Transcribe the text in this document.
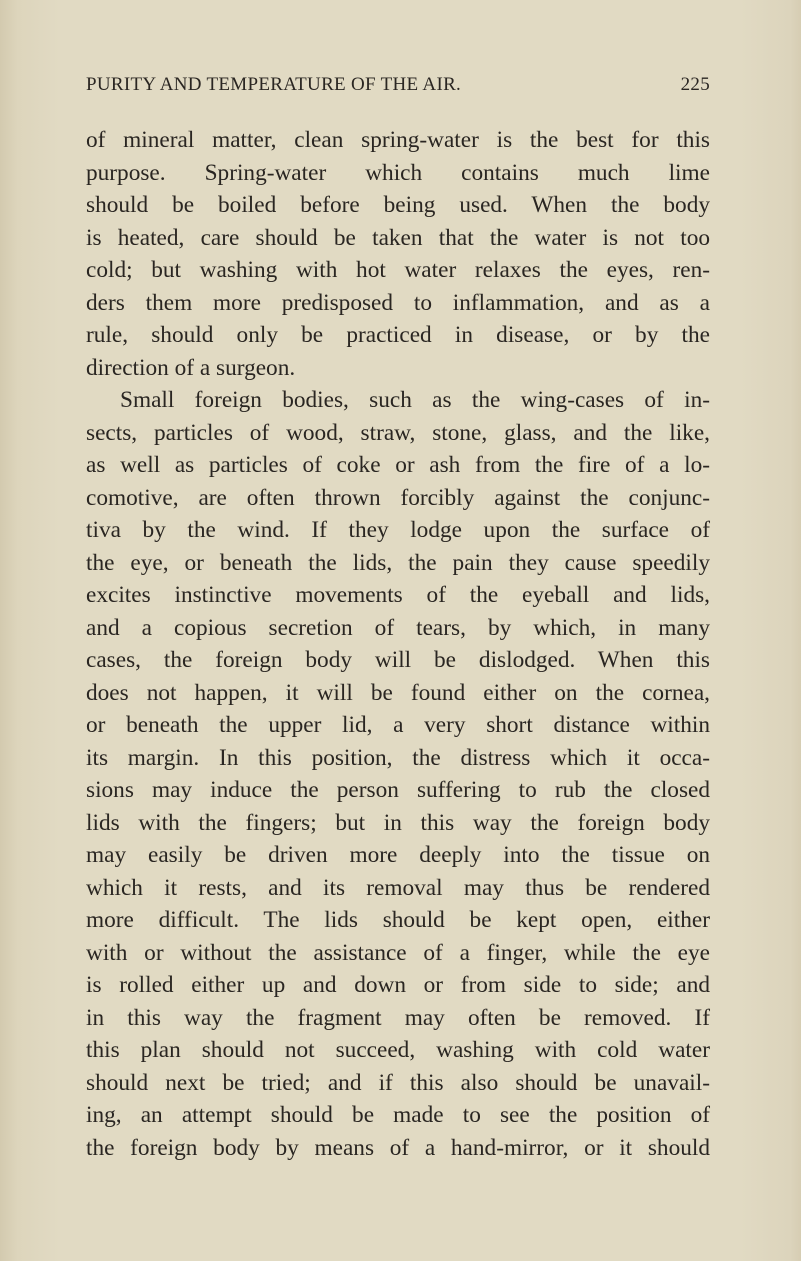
PURITY AND TEMPERATURE OF THE AIR.	225
of mineral matter, clean spring-water is the best for this
purpose. Spring-water which contains much lime
should be boiled before being used. When the body
is heated, care should be taken that the water is not too
cold; but washing with hot water relaxes the eyes, ren-
ders them more predisposed to inflammation, and as a
rule, should only be practiced in disease, or by the
direction of a surgeon.
Small foreign bodies, such as the wing-cases of in-
sects, particles of wood, straw, stone, glass, and the like,
as well as particles of coke or ash from the fire of a lo-
comotive, are often thrown forcibly against the conjunc-
tiva by the wind. If they lodge upon the surface of
the eye, or beneath the lids, the pain they cause speedily
excites instinctive movements of the eyeball and lids,
and a copious secretion of tears, by which, in many
cases, the foreign body will be dislodged. When this
does not happen, it will be found either on the cornea,
or beneath the upper lid, a very short distance within
its margin. In this position, the distress which it occa-
sions may induce the person suffering to rub the closed
lids with the fingers; but in this way the foreign body
may easily be driven more deeply into the tissue on
which it rests, and its removal may thus be rendered
more difficult. The lids should be kept open, either
with or without the assistance of a finger, while the eye
is rolled either up and down or from side to side; and
in this way the fragment may often be removed. If
this plan should not succeed, washing with cold water
should next be tried; and if this also should be unavail-
ing, an attempt should be made to see the position of
the foreign body by means of a hand-mirror, or it should
